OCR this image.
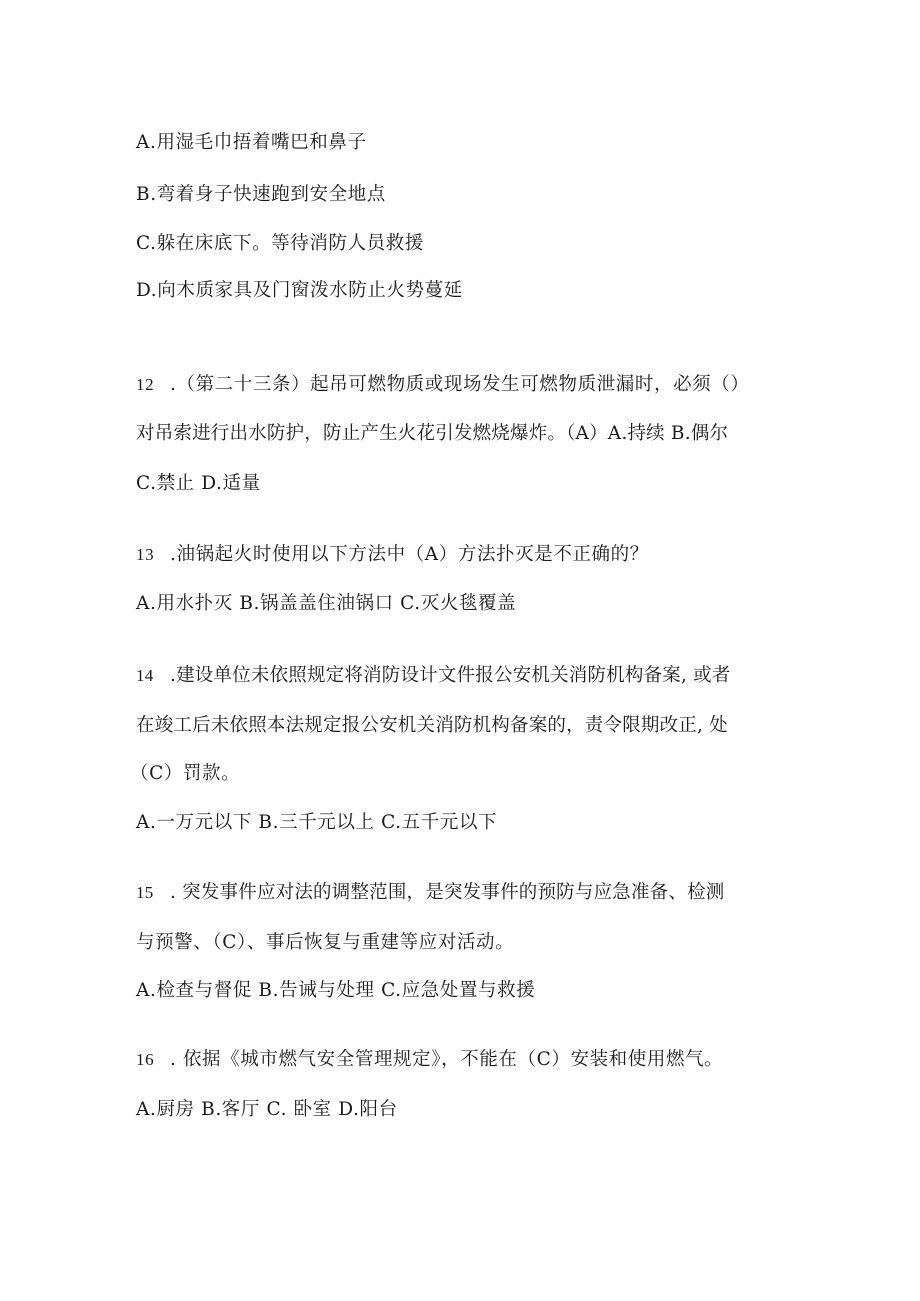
A.用湿毛巾捂着嘴巴和鼻子
B.弯着身子快速跑到安全地点
C.躲在床底下。等待消防人员救援
D.向木质家具及门窗泼水防止火势蔓延
12 .（第二十三条）起吊可燃物质或现场发生可燃物质泄漏时，必须（）
对吊索进行出水防护，防止产生火花引发燃烧爆炸。（A）A.持续 B.偶尔
C.禁止 D.适量
13 .油锅起火时使用以下方法中（A）方法扑灭是不正确的？
A.用水扑灭 B.锅盖盖住油锅口 C.灭火毯覆盖
14 .建设单位未依照规定将消防设计文件报公安机关消防机构备案, 或者
在竣工后未依照本法规定报公安机关消防机构备案的，责令限期改正, 处
（C）罚款。
A.一万元以下 B.三千元以上 C.五千元以下
15 . 突发事件应对法的调整范围，是突发事件的预防与应急准备、检测
与预警、（C）、事后恢复与重建等应对活动。
A.检查与督促 B.告诫与处理 C.应急处置与救援
16 . 依据《城市燃气安全管理规定》，不能在（C）安装和使用燃气。
A.厨房 B.客厅 C. 卧室 D.阳台
